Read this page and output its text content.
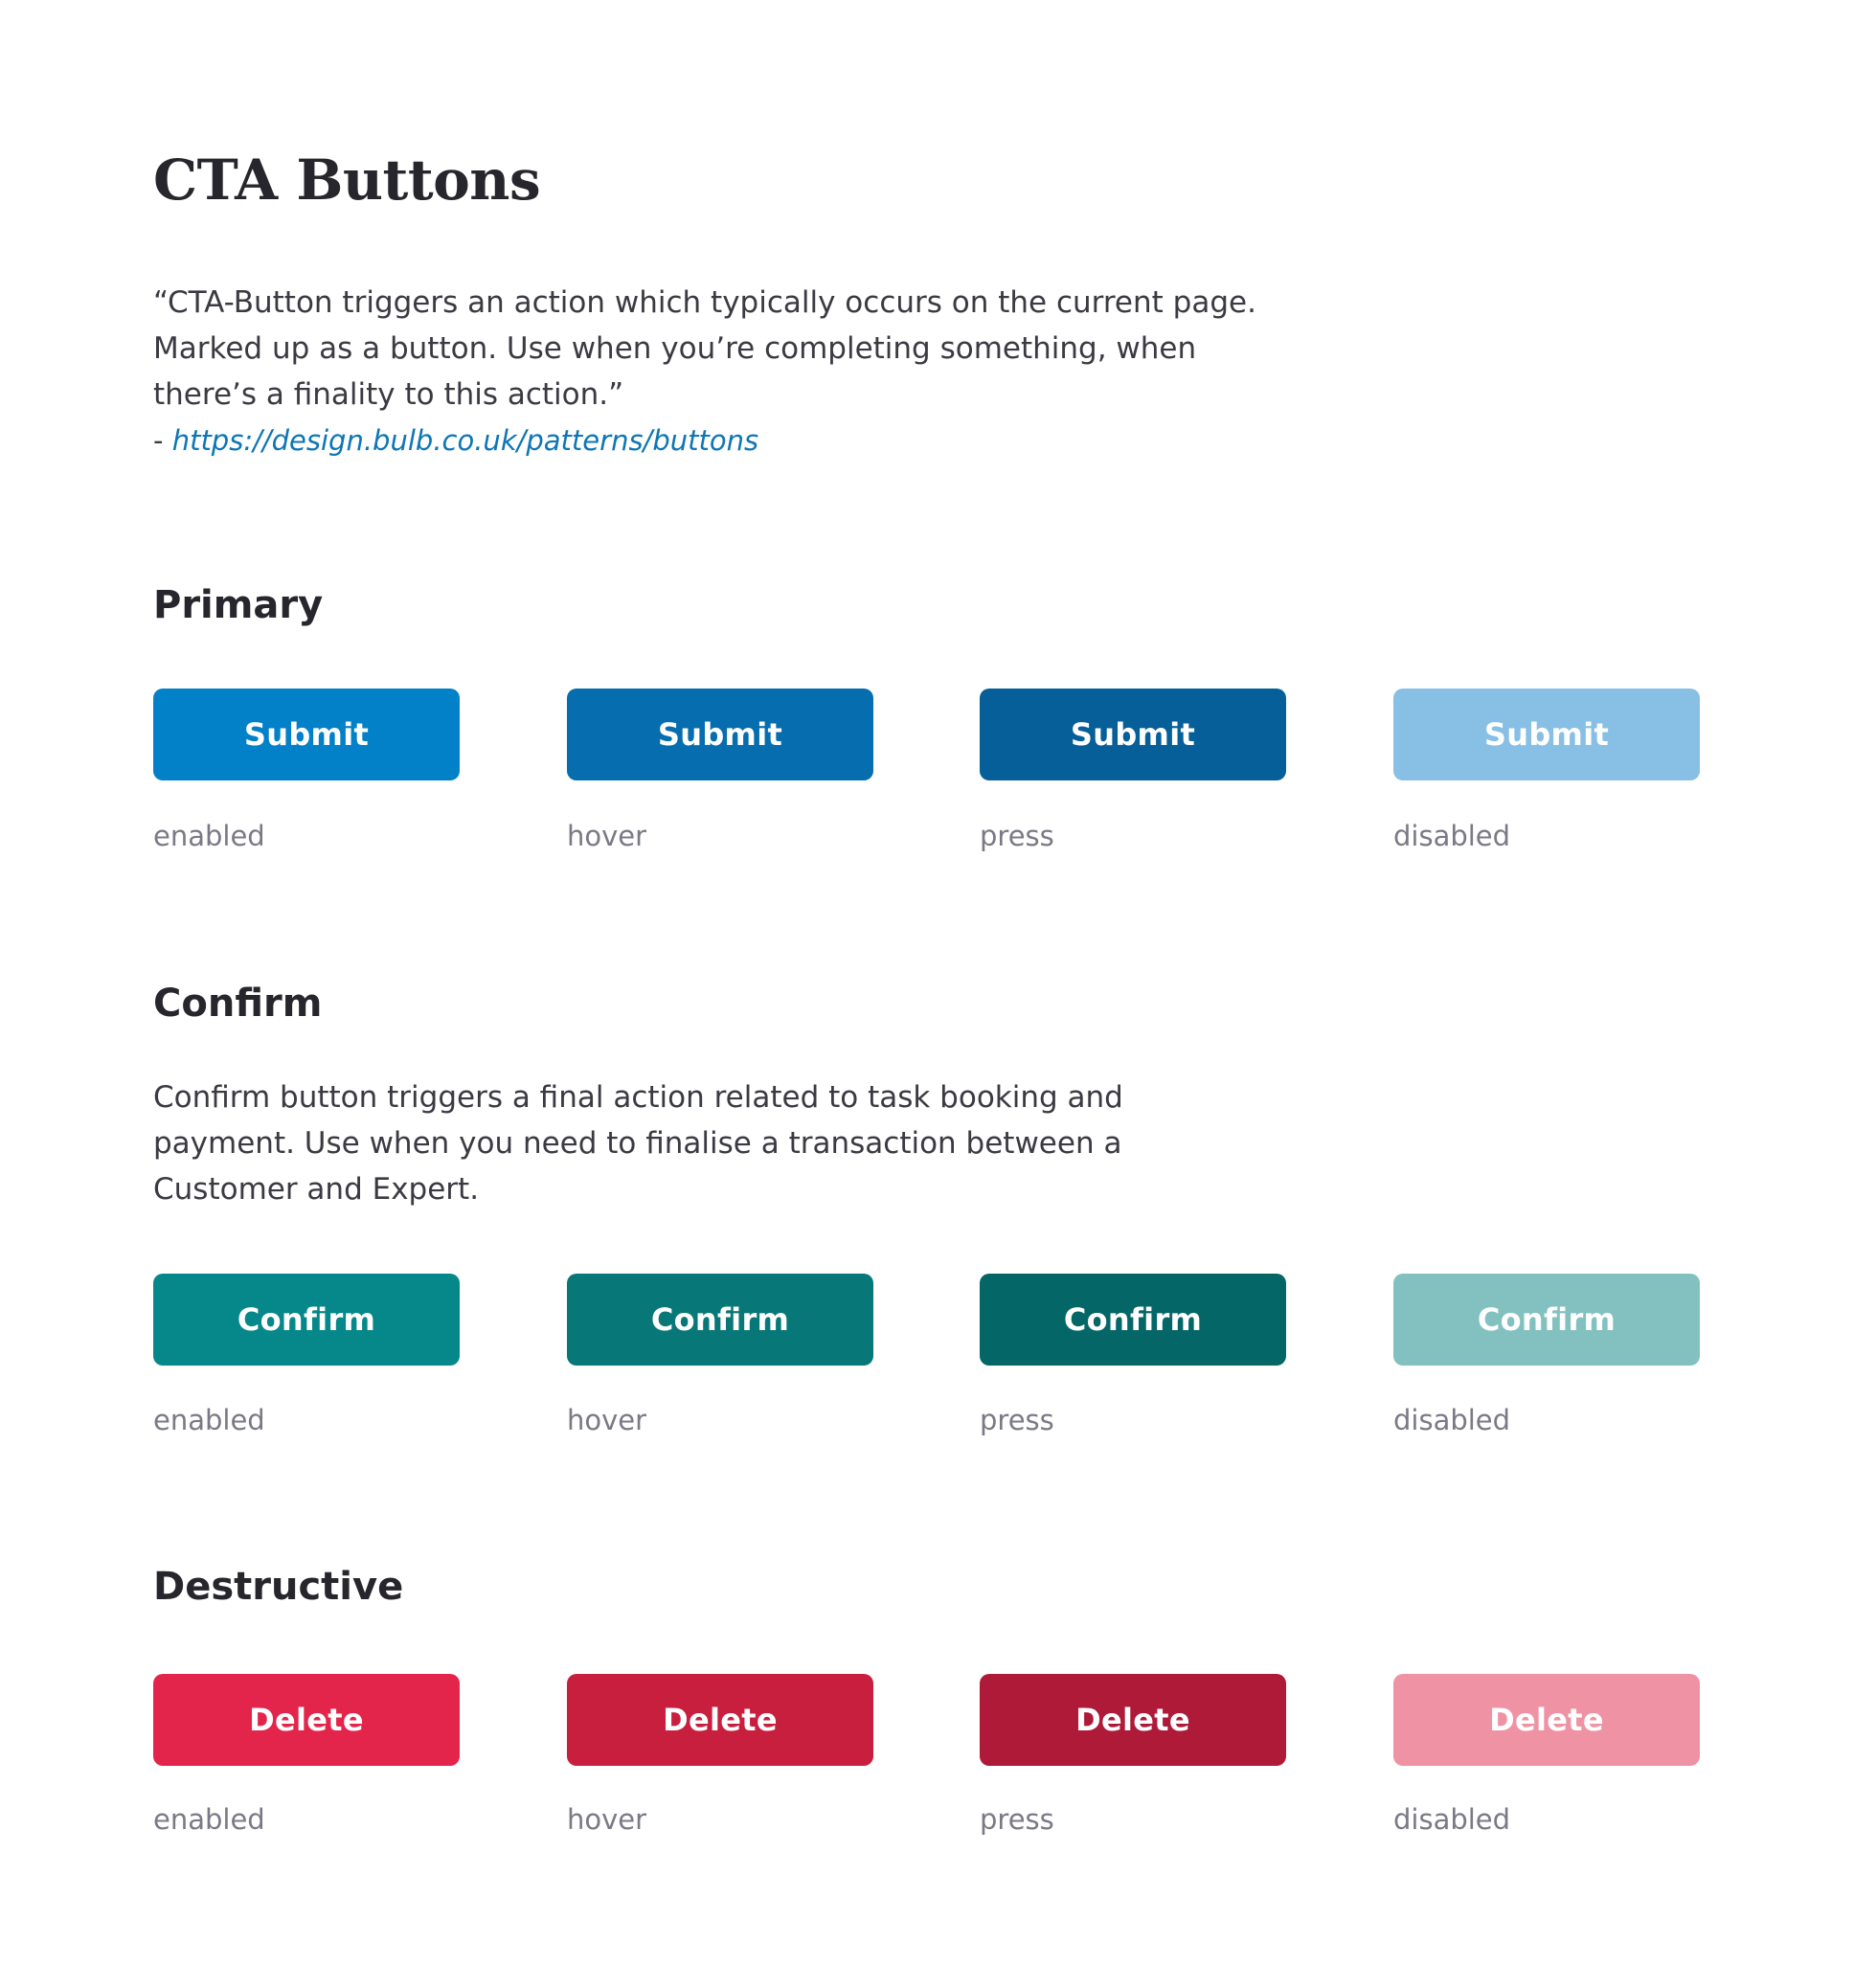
CTA Buttons
“CTA-Button triggers an action which typically occurs on the current page.
Marked up as a button. Use when you’re completing something, when
there’s a finality to this action.”
- https://design.bulb.co.uk/patterns/buttons
Primary
Submit	Submit	Submit	Submit
enabled	hover	press	disabled
Confirm
Confirm button triggers a final action related to task booking and
payment. Use when you need to finalise a transaction between a
Customer and Expert.
Confirm	Confirm	Confirm	Confirm
enabled	hover	press	disabled
Destructive
Delete	Delete	Delete	Delete
enabled	hover	press	disabled
